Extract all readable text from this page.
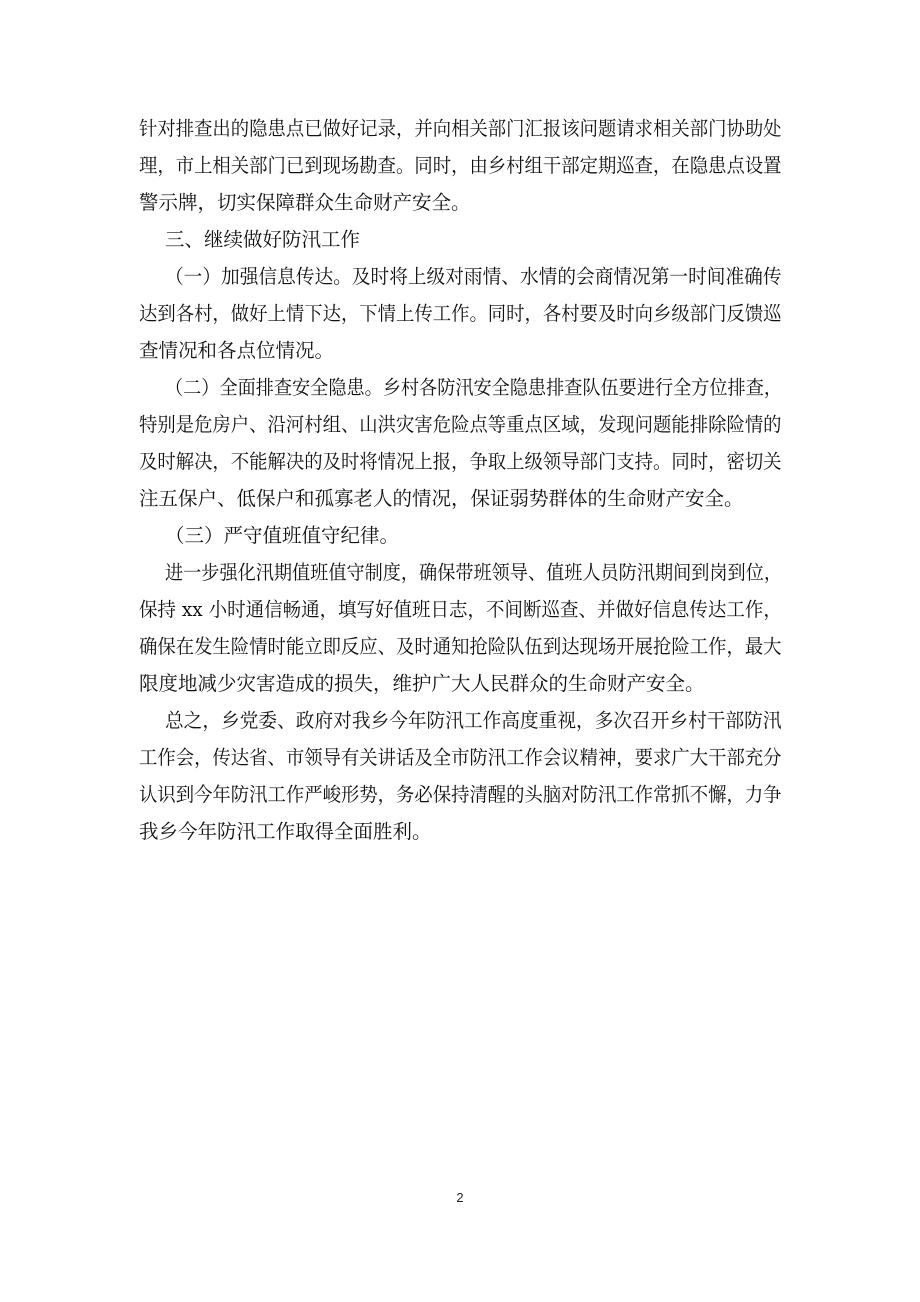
针对排查出的隐患点已做好记录，并向相关部门汇报该问题请求相关部门协助处
理，市上相关部门已到现场勘查。同时，由乡村组干部定期巡查，在隐患点设置
警示牌，切实保障群众生命财产安全。
三、继续做好防汛工作
（一）加强信息传达。及时将上级对雨情、水情的会商情况第一时间准确传
达到各村，做好上情下达，下情上传工作。同时，各村要及时向乡级部门反馈巡
查情况和各点位情况。
（二）全面排查安全隐患。乡村各防汛安全隐患排查队伍要进行全方位排查，
特别是危房户、沿河村组、山洪灾害危险点等重点区域，发现问题能排除险情的
及时解决，不能解决的及时将情况上报，争取上级领导部门支持。同时，密切关
注五保户、低保户和孤寡老人的情况，保证弱势群体的生命财产安全。
（三）严守值班值守纪律。
进一步强化汛期值班值守制度，确保带班领导、值班人员防汛期间到岗到位，
保持 xx 小时通信畅通，填写好值班日志，不间断巡查、并做好信息传达工作，
确保在发生险情时能立即反应、及时通知抢险队伍到达现场开展抢险工作，最大
限度地减少灾害造成的损失，维护广大人民群众的生命财产安全。
总之，乡党委、政府对我乡今年防汛工作高度重视，多次召开乡村干部防汛
工作会，传达省、市领导有关讲话及全市防汛工作会议精神，要求广大干部充分
认识到今年防汛工作严峻形势，务必保持清醒的头脑对防汛工作常抓不懈，力争
我乡今年防汛工作取得全面胜利。
2
